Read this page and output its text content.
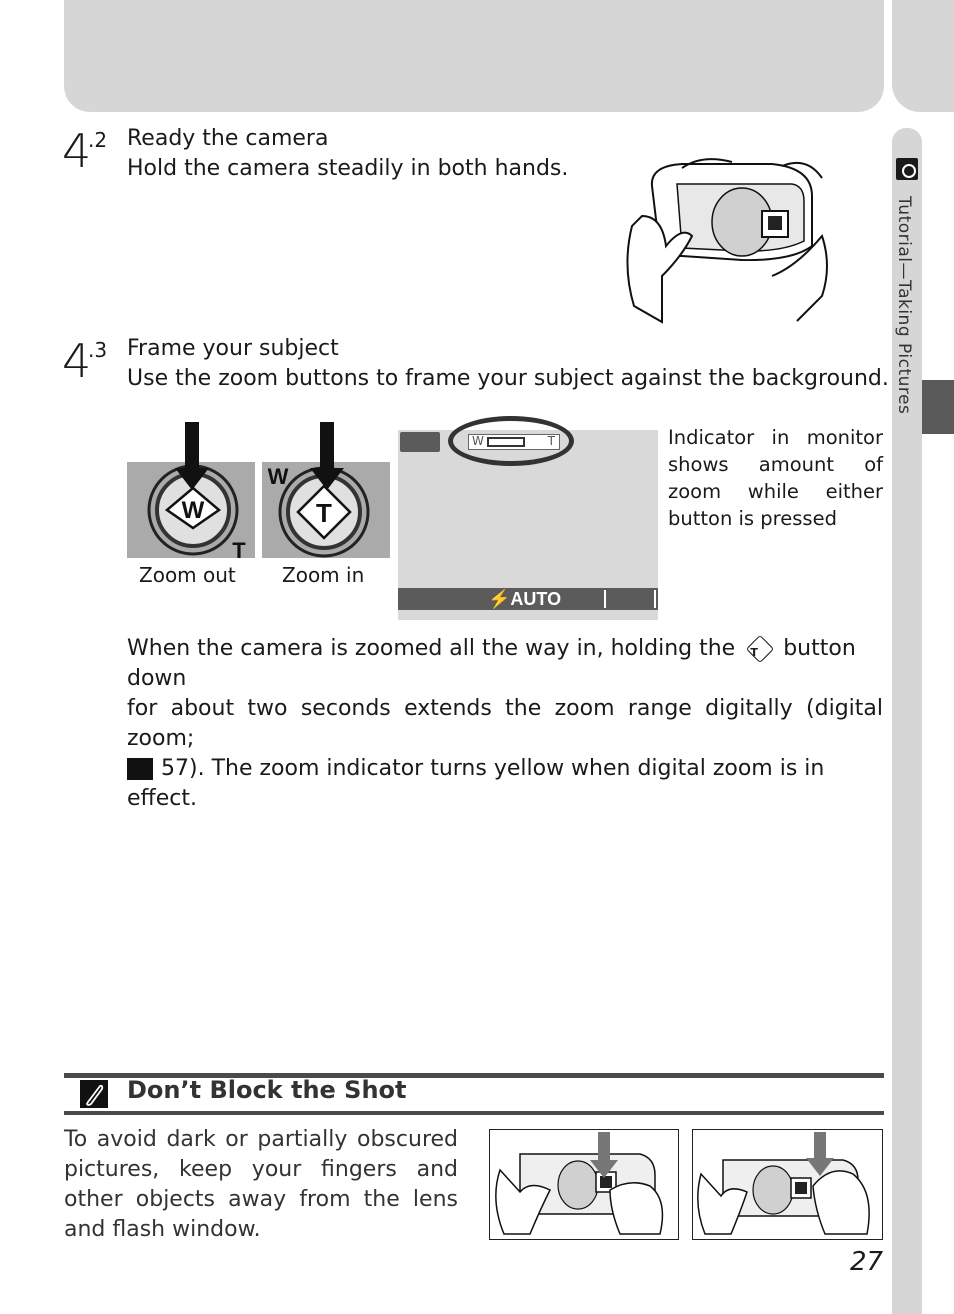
Tutorial—Taking Pictures
4
.2 Ready the camera
Hold the camera steadily in both hands.
4
.3 Frame your subject
Use the zoom buttons to frame your subject against the background.
W
T
T
W
Zoom out Zoom in
W	T
⚡AUTO
Indicator in monitor shows amount of zoom while either button is pressed
When the camera is zoomed all the way in, holding the T button down
for about two seconds extends the zoom range digitally (digital zoom;
57). The zoom indicator turns yellow when digital zoom is in effect.
Don’t Block the Shot
To avoid dark or partially obscured pictures, keep your fingers and other objects away from the lens and flash window.
27
